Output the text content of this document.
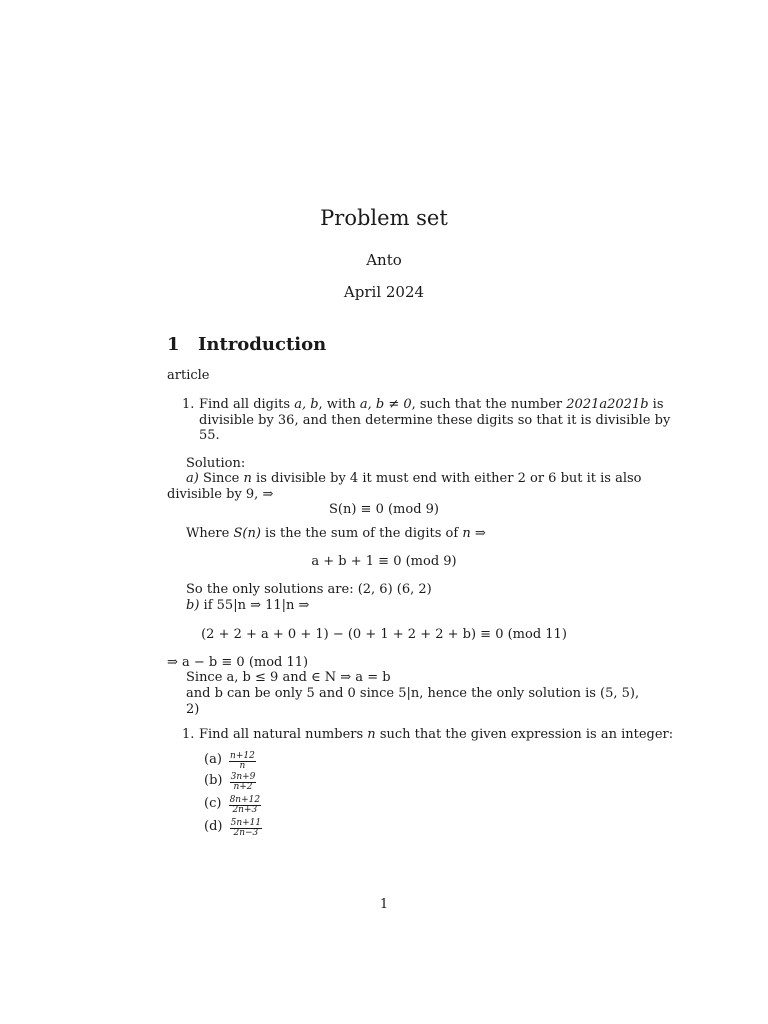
Problem set
Anto
April 2024
1 Introduction
article
1. Find all digits a, b, with a, b ≠ 0, such that the number 2021a2021b is
divisible by 36, and then determine these digits so that it is divisible by
55.
Solution:
a) Since n is divisible by 4 it must end with either 2 or 6 but it is also
divisible by 9, ⇒
S(n) ≡ 0 (mod 9)
Where S(n) is the the sum of the digits of n ⇒
a + b + 1 ≡ 0 (mod 9)
So the only solutions are: (2, 6) (6, 2)
b) if 55|n ⇒ 11|n ⇒
(2 + 2 + a + 0 + 1) − (0 + 1 + 2 + 2 + b) ≡ 0 (mod 11)
⇒ a − b ≡ 0 (mod 11)
Since a, b ≤ 9 and ∈ N ⇒ a = b
and b can be only 5 and 0 since 5|n, hence the only solution is (5, 5),
2)
1. Find all natural numbers n such that the given expression is an integer:
$(a) \frac{n+12}{n}$
$(b) \frac{3n+9}{n+2}$
$(c) \frac{8n+12}{2n+3}$
$(d) \frac{5n+11}{2n-3}$
1
